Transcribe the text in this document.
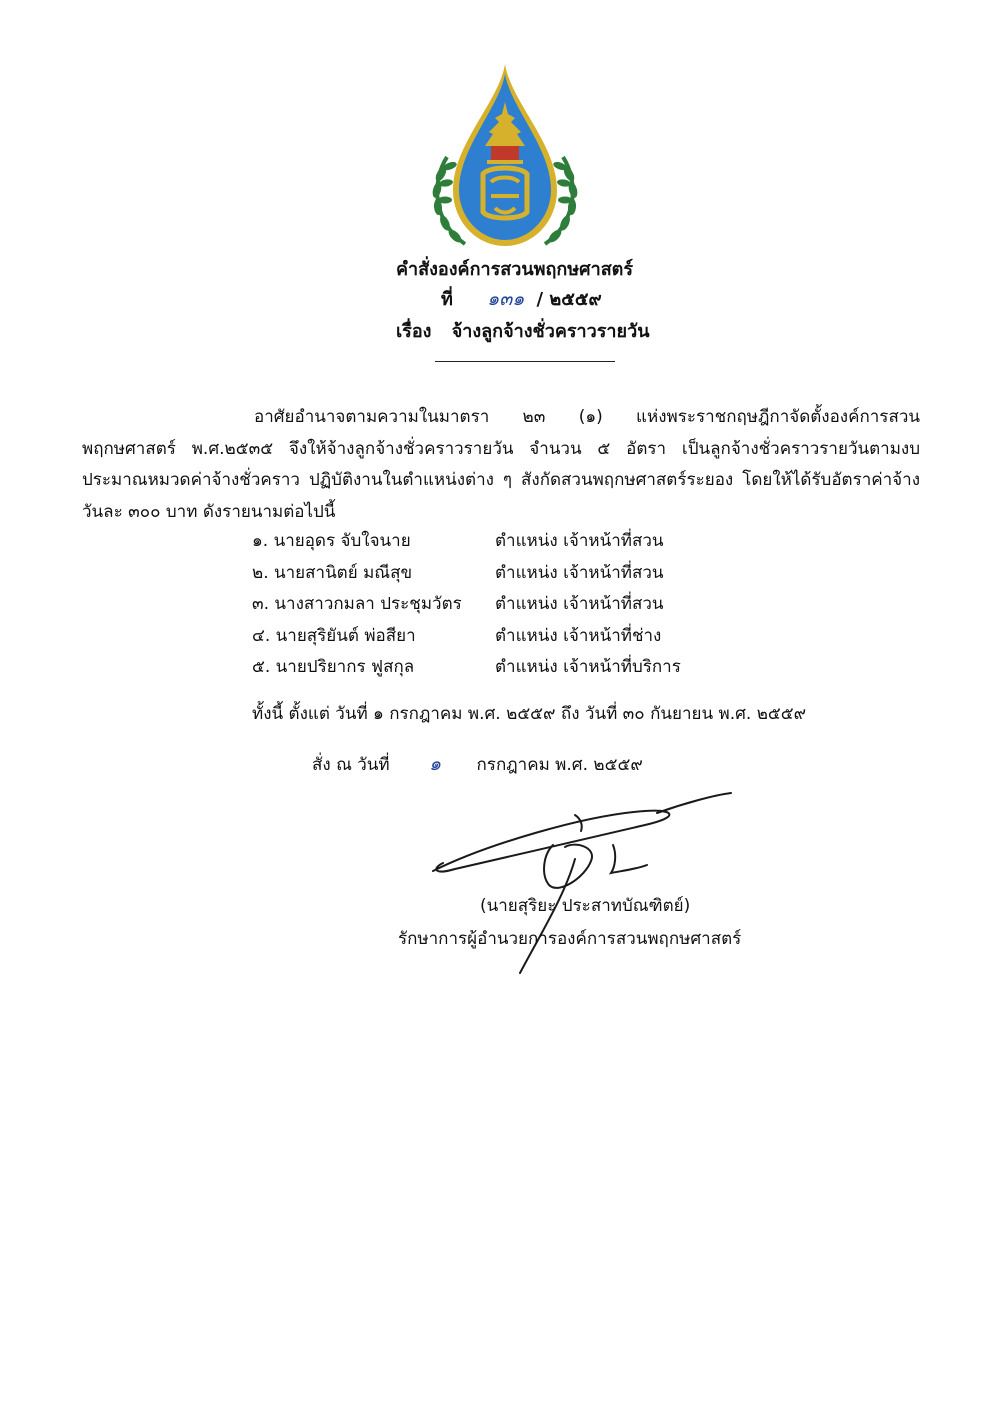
คำสั่งองค์การสวนพฤกษศาสตร์
ที่ ๑๓๑ / ๒๕๕๙
เรื่อง จ้างลูกจ้างชั่วคราวรายวัน
อาศัยอำนาจตามความในมาตรา ๒๓ (๑) แห่งพระราชกฤษฎีกาจัดตั้งองค์การสวนพฤกษศาสตร์ พ.ศ.๒๕๓๕ จึงให้จ้างลูกจ้างชั่วคราวรายวัน จำนวน ๕ อัตรา เป็นลูกจ้างชั่วคราวรายวันตามงบประมาณหมวดค่าจ้างชั่วคราว ปฏิบัติงานในตำแหน่งต่าง ๆ สังกัดสวนพฤกษศาสตร์ระยอง โดยให้ได้รับอัตราค่าจ้าง วันละ ๓๐๐ บาท ดังรายนามต่อไปนี้
๑. นายอุดร จับใจนาย	ตำแหน่ง เจ้าหน้าที่สวน
๒. นายสานิตย์ มณีสุข	ตำแหน่ง เจ้าหน้าที่สวน
๓. นางสาวกมลา ประชุมวัตร ตำแหน่ง เจ้าหน้าที่สวน
๔. นายสุริยันต์ พ่อสียา	ตำแหน่ง เจ้าหน้าที่ช่าง
๕. นายปริยากร ฟูสกุล	ตำแหน่ง เจ้าหน้าที่บริการ
ทั้งนี้ ตั้งแต่ วันที่ ๑ กรกฎาคม พ.ศ. ๒๕๕๙ ถึง วันที่ ๓๐ กันยายน พ.ศ. ๒๕๕๙
สั่ง ณ วันที่ ๑ กรกฎาคม พ.ศ. ๒๕๕๙
(นายสุริยะ ประสาทบัณฑิตย์)
รักษาการผู้อำนวยการองค์การสวนพฤกษศาสตร์
